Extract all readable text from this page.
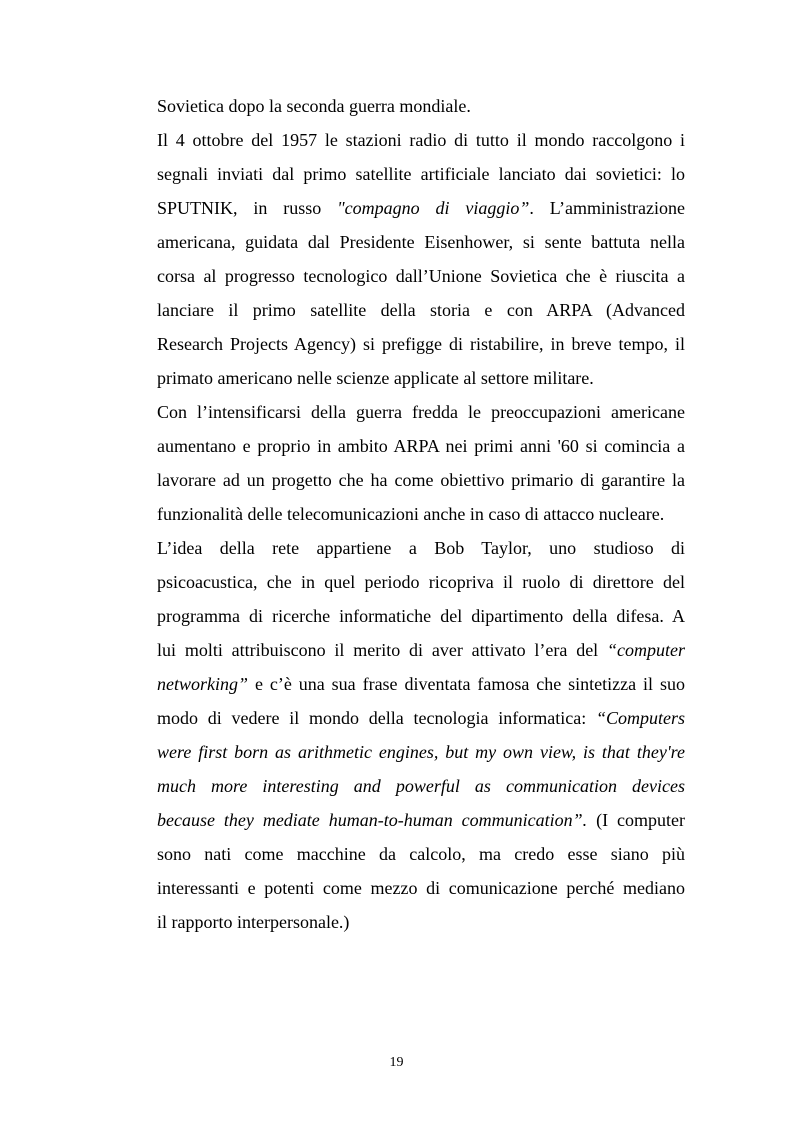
Sovietica dopo la seconda guerra mondiale.
Il 4 ottobre del 1957 le stazioni radio di tutto il mondo raccolgono i
segnali inviati dal primo satellite artificiale lanciato dai sovietici: lo
SPUTNIK, in russo "compagno di viaggio”. L’amministrazione
americana, guidata dal Presidente Eisenhower, si sente battuta nella
corsa al progresso tecnologico dall’Unione Sovietica che è riuscita a
lanciare il primo satellite della storia e con ARPA (Advanced
Research Projects Agency) si prefigge di ristabilire, in breve tempo, il
primato americano nelle scienze applicate al settore militare.
Con l’intensificarsi della guerra fredda le preoccupazioni americane
aumentano e proprio in ambito ARPA nei primi anni '60 si comincia a
lavorare ad un progetto che ha come obiettivo primario di garantire la
funzionalità delle telecomunicazioni anche in caso di attacco nucleare.
L’idea della rete appartiene a Bob Taylor, uno studioso di
psicoacustica, che in quel periodo ricopriva il ruolo di direttore del
programma di ricerche informatiche del dipartimento della difesa. A
lui molti attribuiscono il merito di aver attivato l’era del “computer
networking” e c’è una sua frase diventata famosa che sintetizza il suo
modo di vedere il mondo della tecnologia informatica: “Computers
were first born as arithmetic engines, but my own view, is that they're
much more interesting and powerful as communication devices
because they mediate human-to-human communication”. (I computer
sono nati come macchine da calcolo, ma credo esse siano più
interessanti e potenti come mezzo di comunicazione perché mediano
il rapporto interpersonale.)
19
